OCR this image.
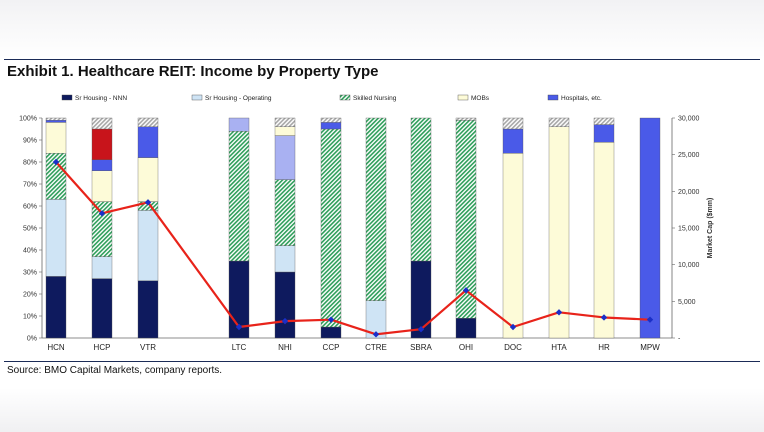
Exhibit 1. Healthcare REIT: Income by Property Type
Sr Housing - NNN	Sr Housing - Operating	Skilled Nursing	MOBs	Hospitals, etc.
0%
10%
20%
30%
40%
50%
60%
70%
80%
90%
100%
-
5,000
10,000
15,000
20,000
25,000
30,000
Market Cap ($mm)
HCN	HCP	VTR	LTC	NHI	CCP	CTRE	SBRA	OHI	DOC	HTA	HR	MPW
Source: BMO Capital Markets, company reports.
